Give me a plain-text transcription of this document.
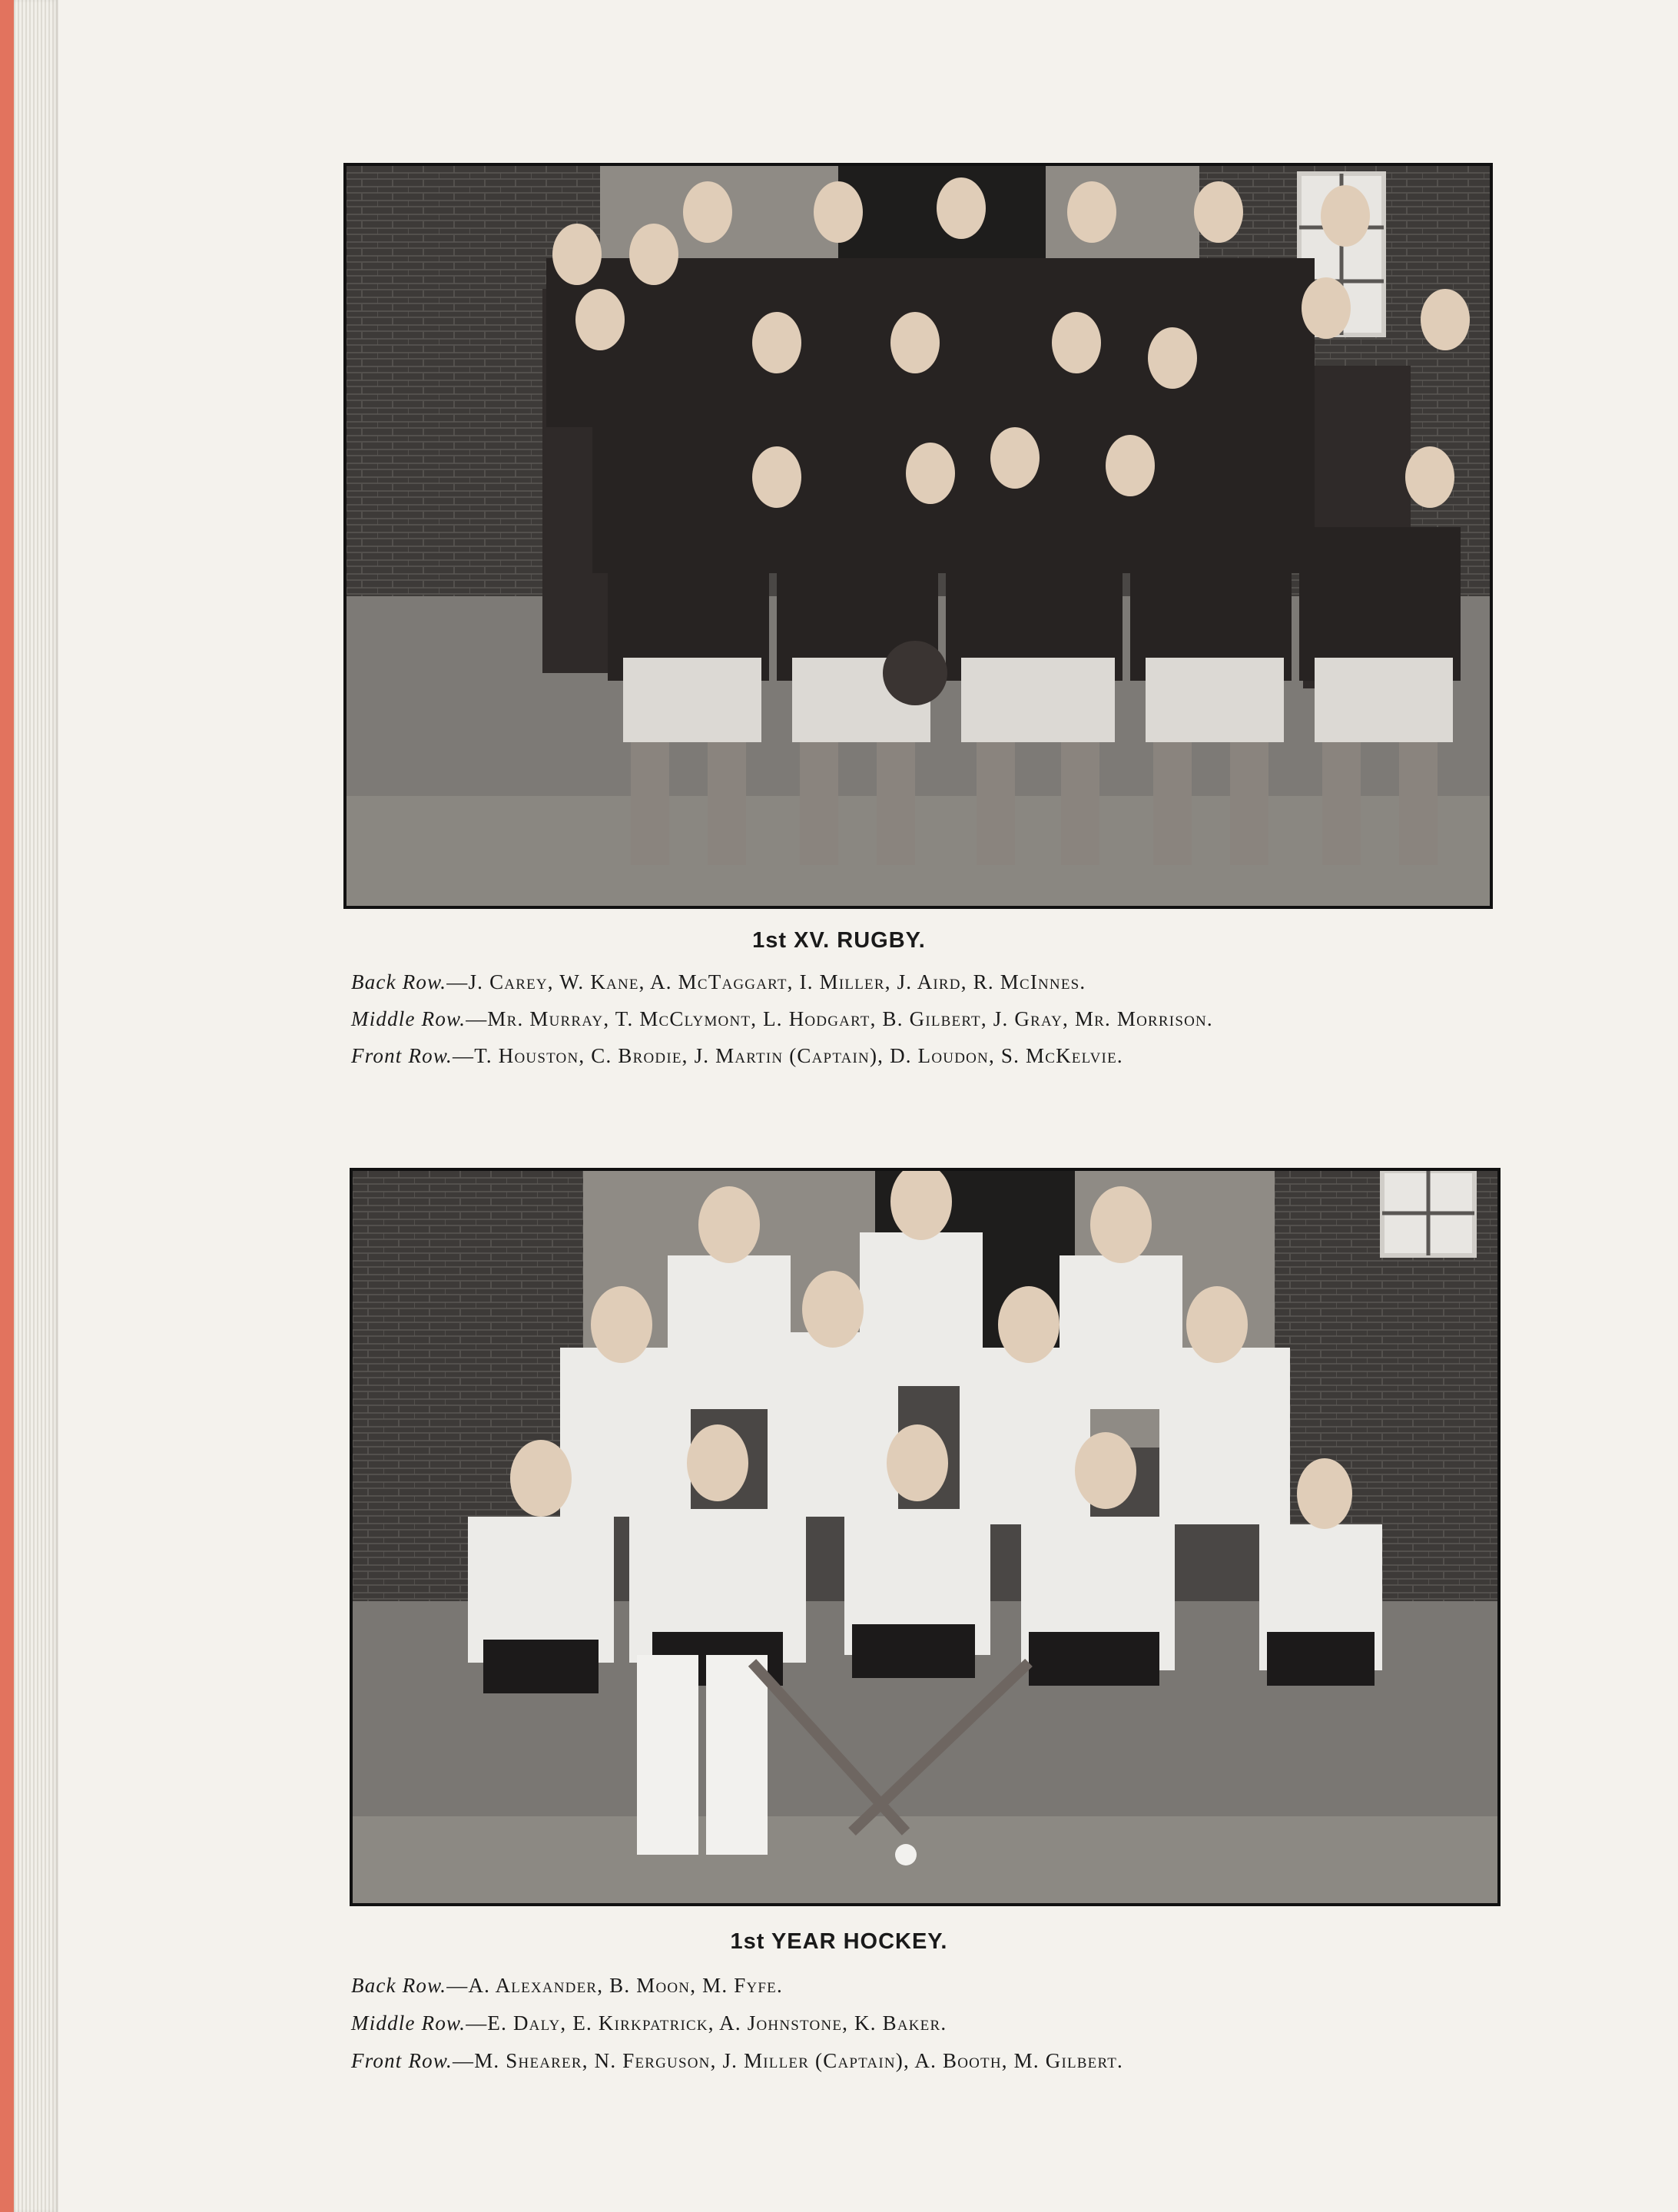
1st XV. RUGBY.
Back Row.—J. Carey, W. Kane, A. McTaggart, I. Miller, J. Aird, R. McInnes.
Middle Row.—Mr. Murray, T. McClymont, L. Hodgart, B. Gilbert, J. Gray, Mr. Morrison.
Front Row.—T. Houston, C. Brodie, J. Martin (Captain), D. Loudon, S. McKelvie.
1st YEAR HOCKEY.
Back Row.—A. Alexander, B. Moon, M. Fyfe.
Middle Row.—E. Daly, E. Kirkpatrick, A. Johnstone, K. Baker.
Front Row.—M. Shearer, N. Ferguson, J. Miller (Captain), A. Booth, M. Gilbert.
